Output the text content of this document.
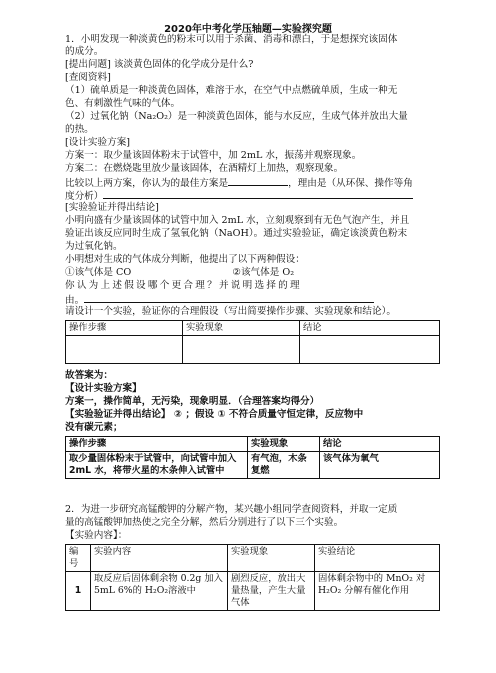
2020年中考化学压轴题—实验探究题
1．小明发现一种淡黄色的粉末可以用于杀菌、消毒和漂白，于是想探究该固体
的成分。
[提出问题] 该淡黄色固体的化学成分是什么?
[查阅资料]
（1）硫单质是一种淡黄色固体，难溶于水，在空气中点燃硫单质，生成一种无
色、有刺激性气味的气体。
（2）过氧化钠（Na₂O₂）是一种淡黄色固体，能与水反应，生成气体并放出大量
的热。
[设计实验方案]
方案一：取少量该固体粉末于试管中，加 2mL 水，振荡并观察现象。
方案二：在燃烧匙里放少量该固体，在酒精灯上加热，观察现象。
比较以上两方案，你认为的最佳方案是	，理由是（从环保、操作等角
度分析）
[实验验证并得出结论]
小明向盛有少量该固体的试管中加入 2mL 水，立刻观察到有无色气泡产生，并且
验证出该反应同时生成了氢氧化钠（NaOH）。通过实验验证，确定该淡黄色粉末
为过氧化钠。
小明想对生成的气体成分判断，他提出了以下两种假设：
①该气体是 CO	②该气体是 O₂
你 认 为 上 述 假 设 哪 个 更 合 理 ？ 并 说 明 选 择 的 理
由。
请设计一个实验，验证你的合理假设（写出简要操作步骤、实验现象和结论）。
操作步骤	实验现象	结论

故答案为：
【设计实验方案】
方案一，操作简单，无污染，现象明显．（合理答案均得分）
【实验验证并得出结论】 ② ；假设 ① 不符合质量守恒定律，反应物中
没有碳元素；
操作步骤	实验现象	结论
取少量固体粉末于试管中，向试管中加入 2mL 水，将带火星的木条伸入试管中	有气泡，木条复燃	该气体为氧气
2．为进一步研究高锰酸钾的分解产物，某兴趣小组同学查阅资料，并取一定质
量的高锰酸钾加热使之完全分解，然后分别进行了以下三个实验。
【实验内容】：
编号	实验内容	实验现象	实验结论
1	取反应后固体剩余物 0.2g 加入 5mL 6%的 H₂O₂溶液中	剧烈反应，放出大量热量，产生大量气体	固体剩余物中的 MnO₂ 对 H₂O₂ 分解有催化作用
